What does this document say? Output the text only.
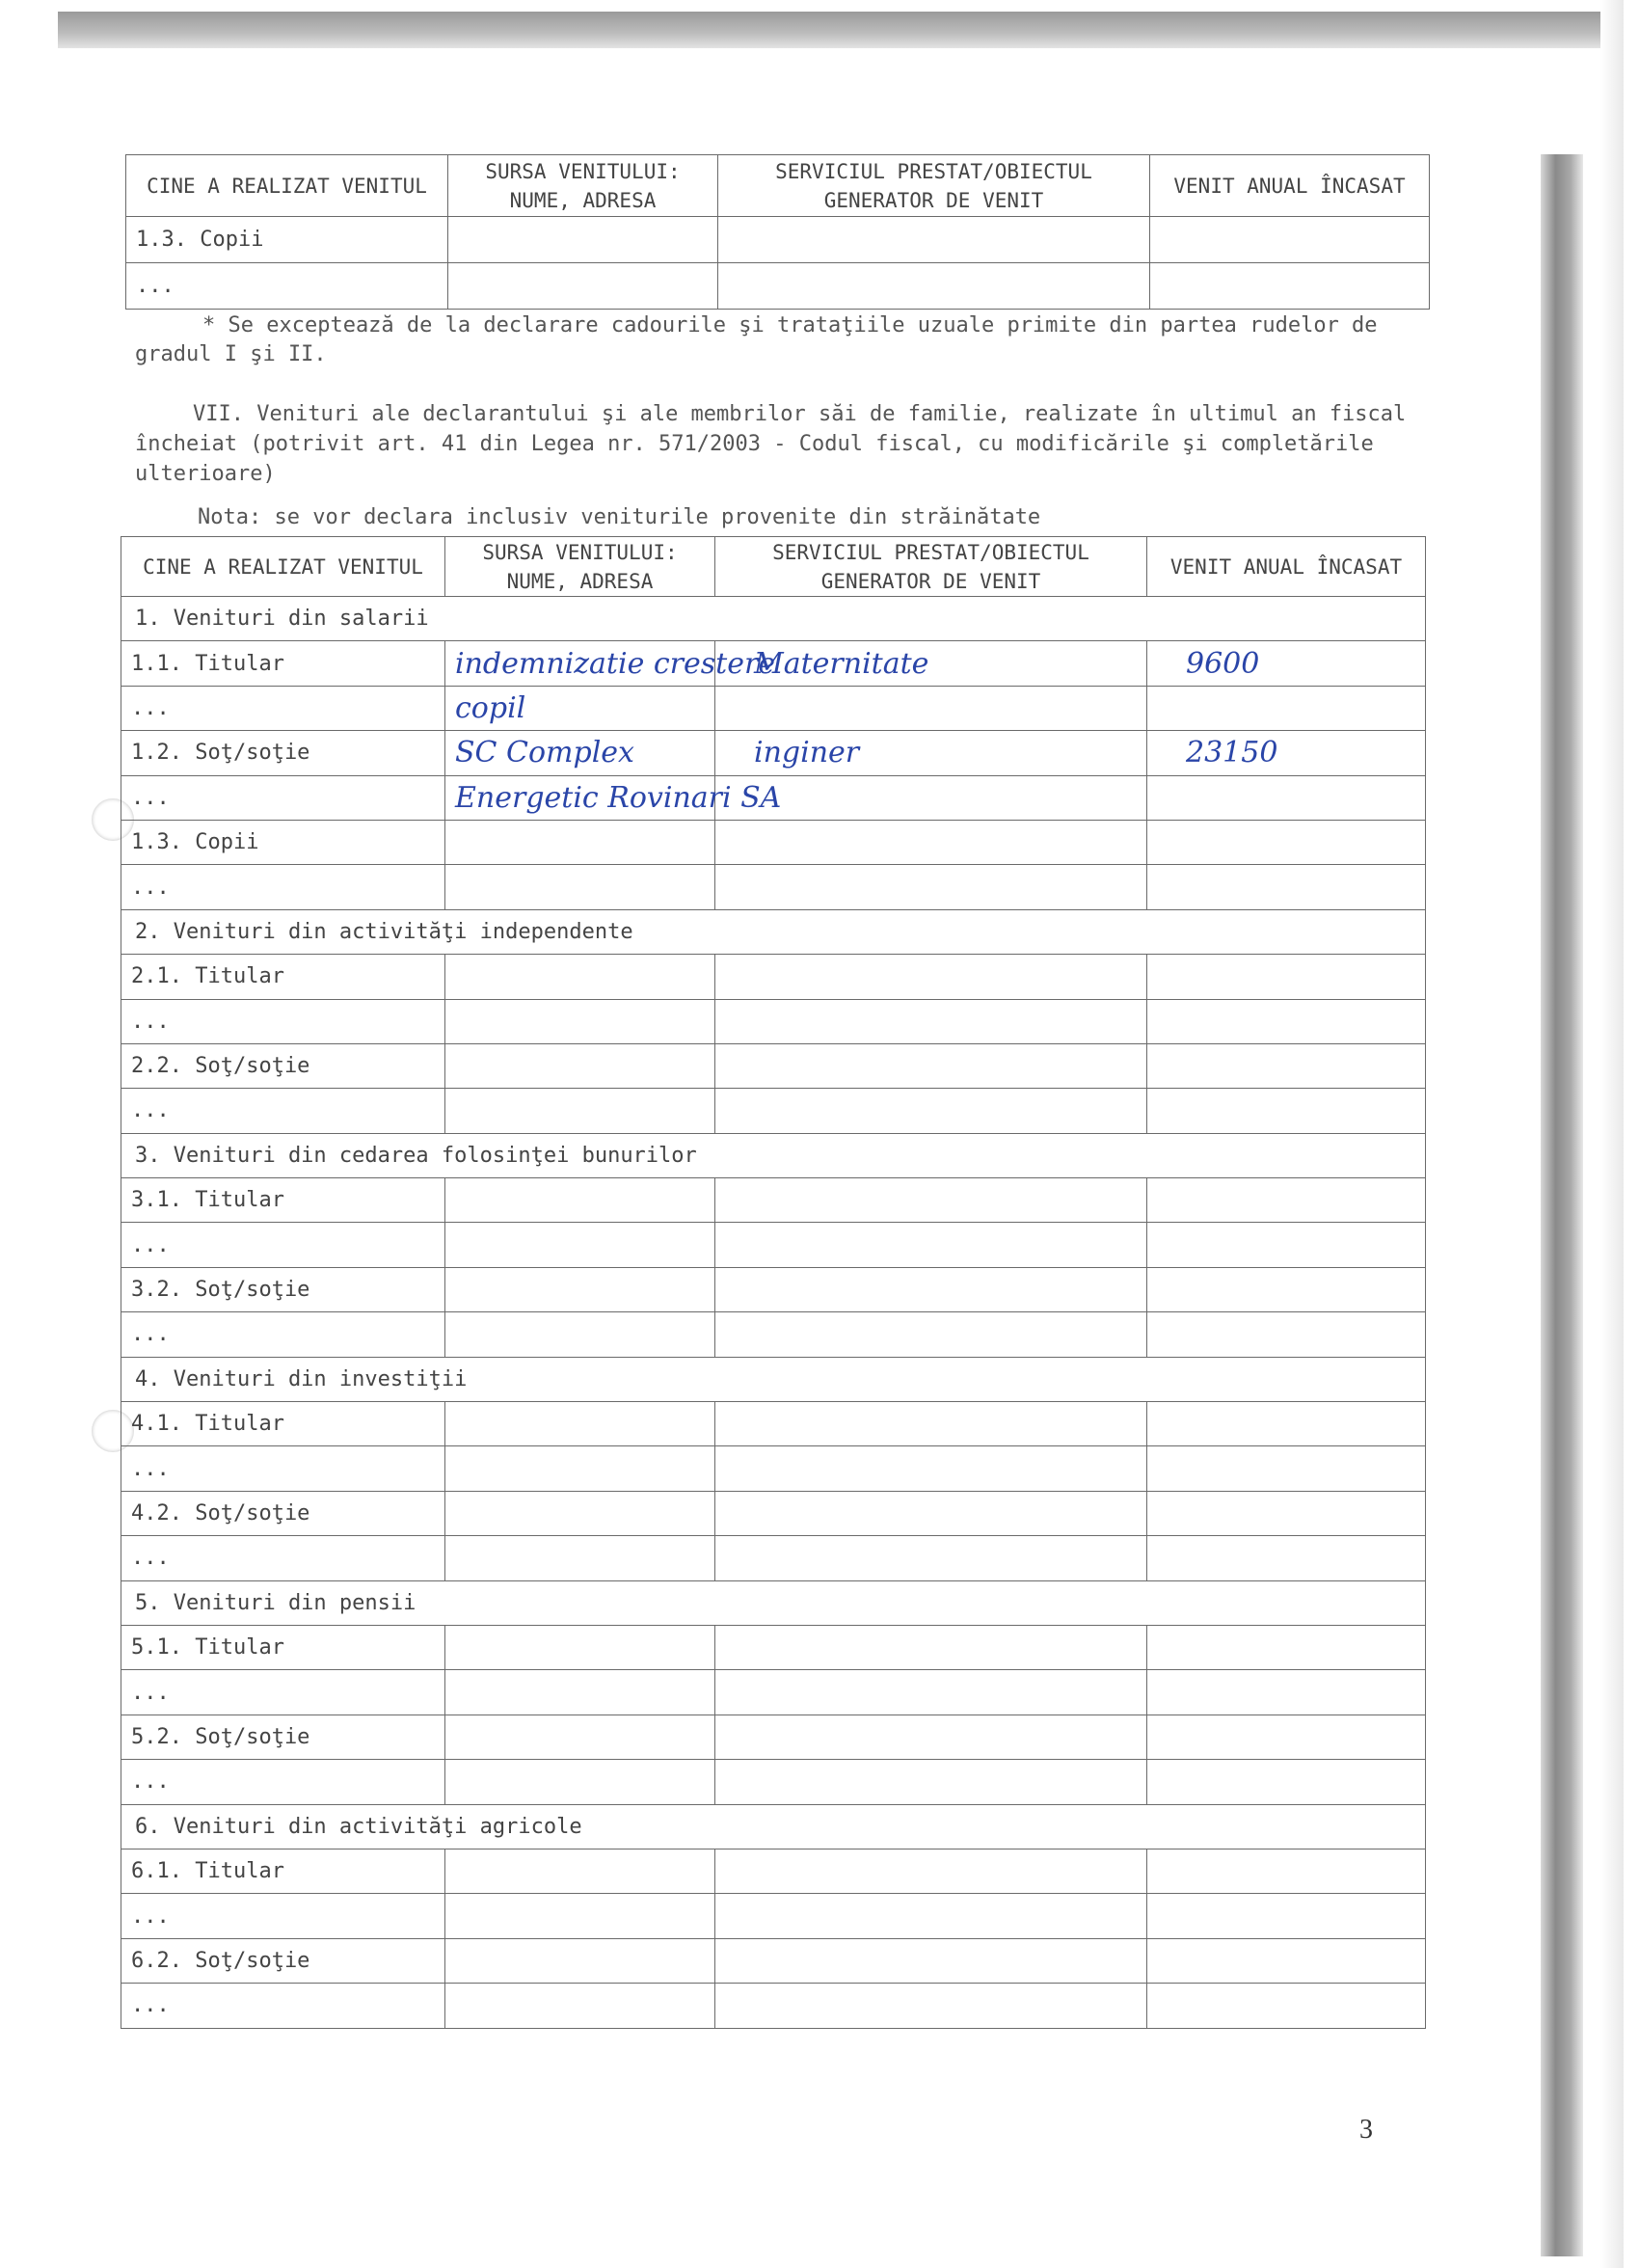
CINE A REALIZAT VENITUL	SURSA VENITULUI: NUME, ADRESA	SERVICIUL PRESTAT/OBIECTUL GENERATOR DE VENIT	VENIT ANUAL ÎNCASAT
1.3. Copii			
...			
* Se exceptează de la declarare cadourile şi trataţiile uzuale primite din partea rudelor de gradul I şi II.
VII. Venituri ale declarantului şi ale membrilor săi de familie, realizate în ultimul an fiscal încheiat (potrivit art. 41 din Legea nr. 571/2003 - Codul fiscal, cu modificările şi completările ulterioare)
Nota: se vor declara inclusiv veniturile provenite din străinătate
CINE A REALIZAT VENITUL	SURSA VENITULUI: NUME, ADRESA	SERVICIUL PRESTAT/OBIECTUL GENERATOR DE VENIT	VENIT ANUAL ÎNCASAT
1. Venituri din salarii			
1.1. Titular	indemnizatie crestere	Maternitate	9600
...	copil		
1.2. Soţ/soţie	SC Complex	inginer	23150
...	Energetic Rovinari SA		
1.3. Copii			
...			
2. Venituri din activităţi independente			
2.1. Titular			
...			
2.2. Soţ/soţie			
...			
3. Venituri din cedarea folosinţei bunurilor			
3.1. Titular			
...			
3.2. Soţ/soţie			
...			
4. Venituri din investiţii			
4.1. Titular			
...			
4.2. Soţ/soţie			
...			
5. Venituri din pensii			
5.1. Titular			
...			
5.2. Soţ/soţie			
...			
6. Venituri din activităţi agricole			
6.1. Titular			
...			
6.2. Soţ/soţie			
...			
3
